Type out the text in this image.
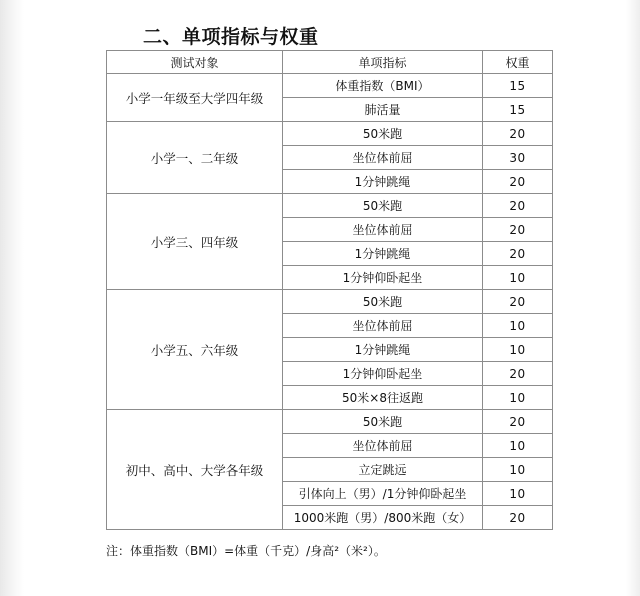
二、单项指标与权重
测试对象	单项指标	权重
小学一年级至大学四年级	体重指数（BMI）	15
	肺活量	15
小学一、二年级	50米跑	20
	坐位体前屈	30
	1分钟跳绳	20
小学三、四年级	50米跑	20
	坐位体前屈	20
	1分钟跳绳	20
	1分钟仰卧起坐	10
小学五、六年级	50米跑	20
	坐位体前屈	10
	1分钟跳绳	10
	1分钟仰卧起坐	20
	50米×8往返跑	10
初中、高中、大学各年级	50米跑	20
	坐位体前屈	10
	立定跳远	10
	引体向上（男）/1分钟仰卧起坐	10
	1000米跑（男）/800米跑（女）	20
注：体重指数（BMI）=体重（千克）/身高²（米²）。
